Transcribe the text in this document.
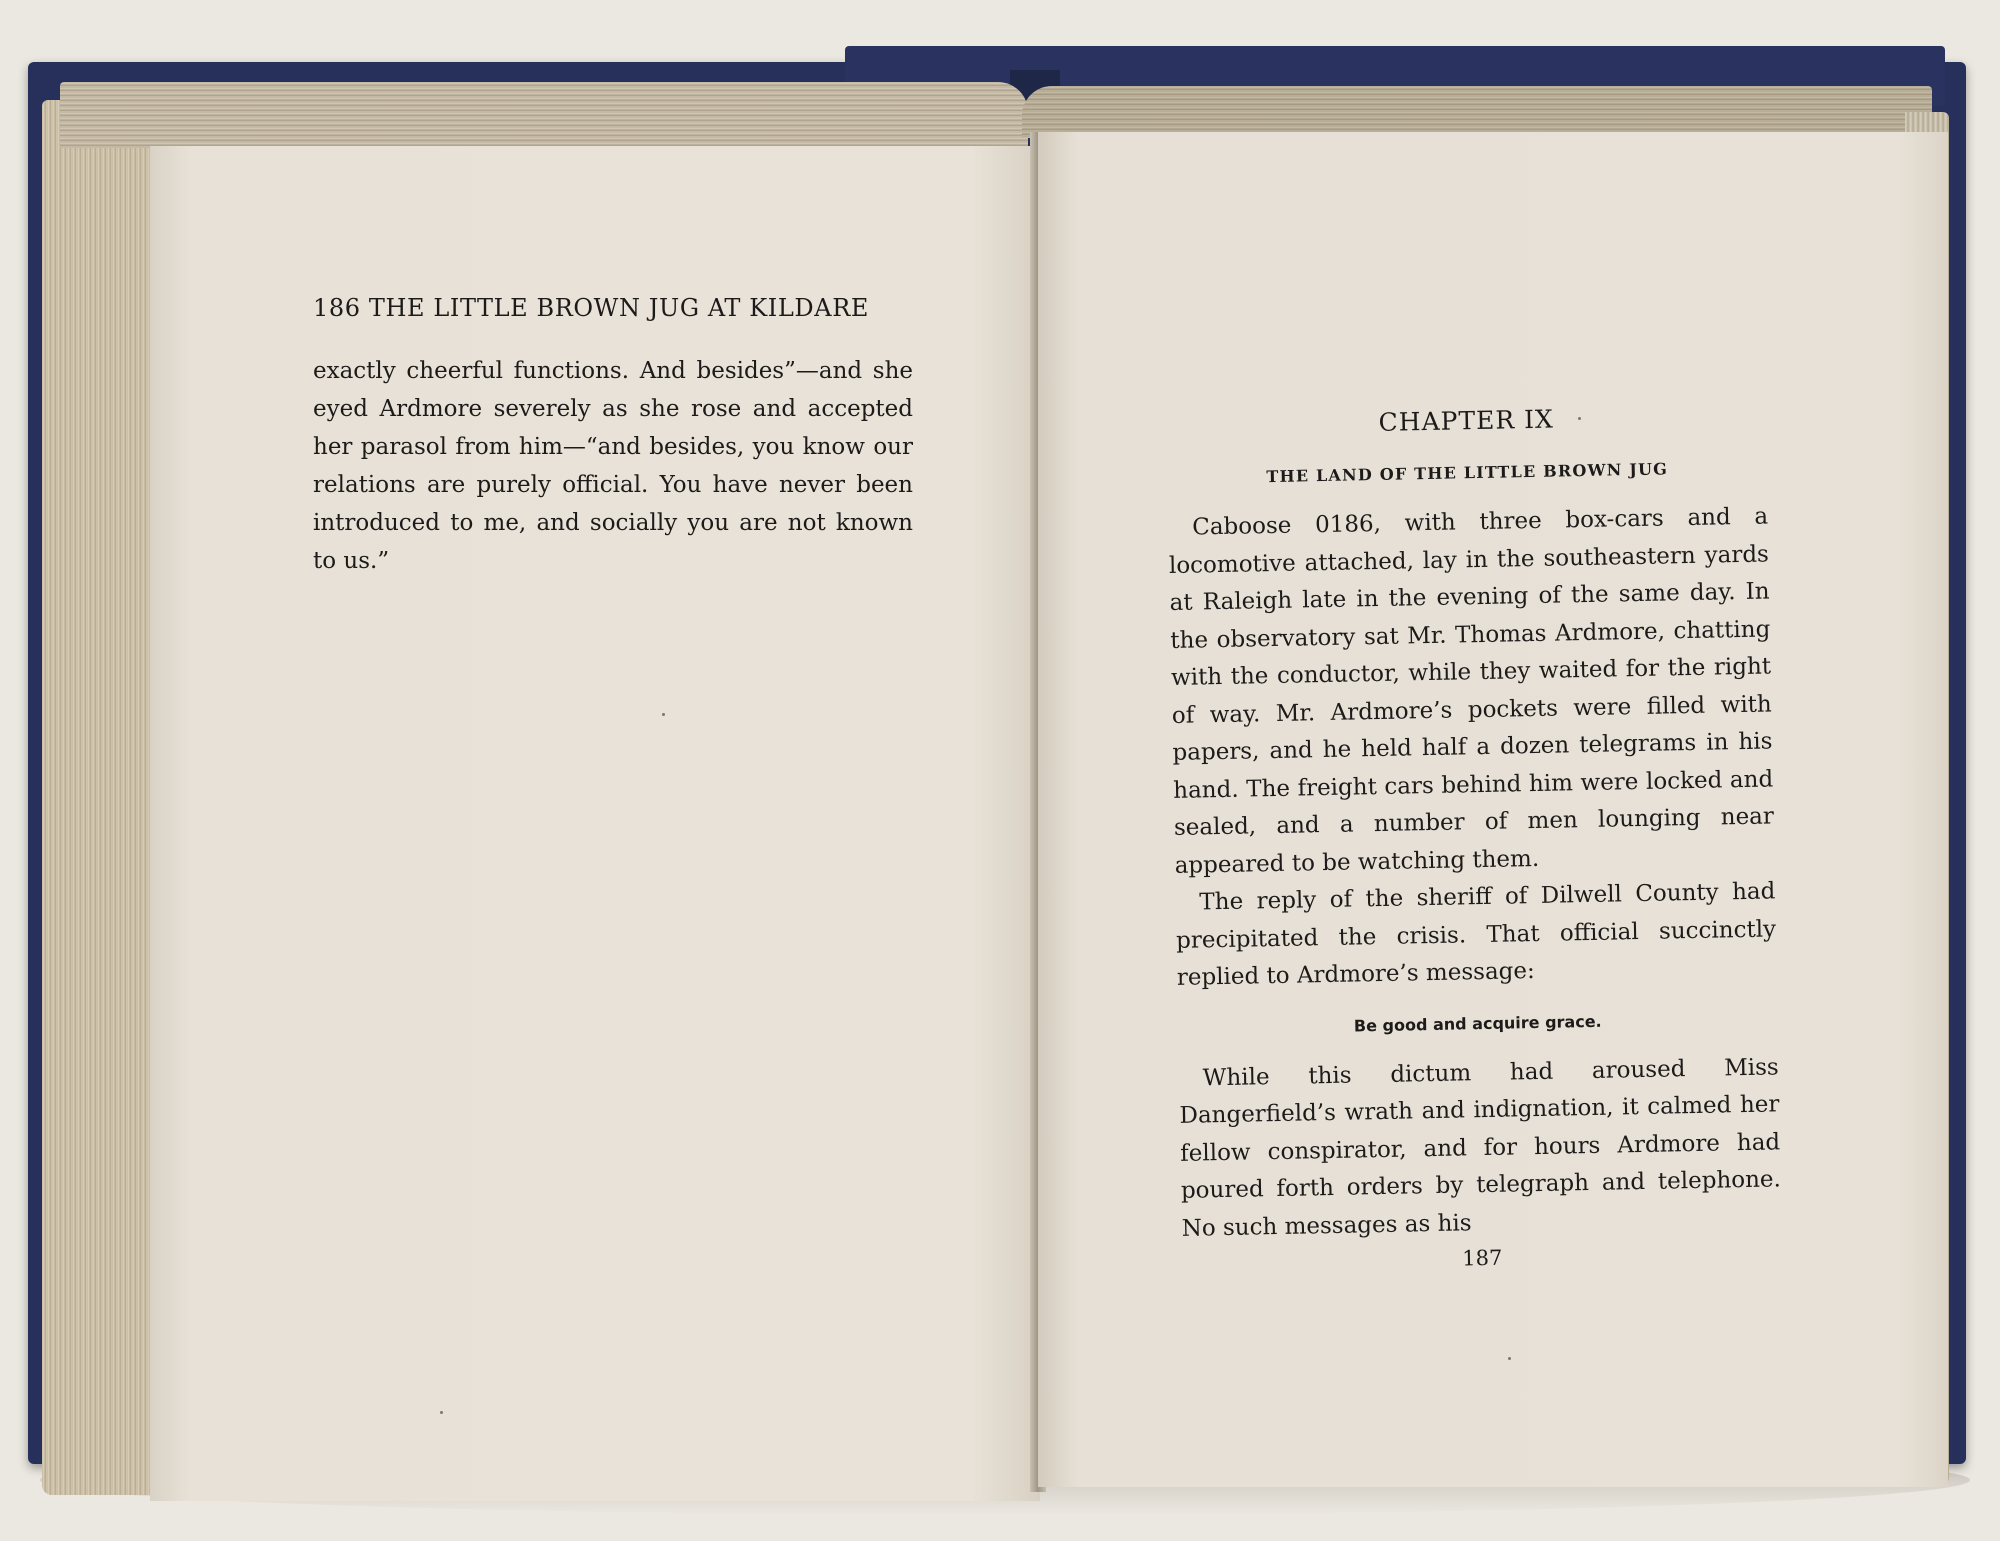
186 THE LITTLE BROWN JUG AT KILDARE
exactly cheerful functions. And besides”—and she eyed Ardmore severely as she rose and accepted her parasol from him—“and besides, you know our relations are purely official. You have never been introduced to me, and socially you are not known to us.”
CHAPTER IX
THE LAND OF THE LITTLE BROWN JUG

Caboose 0186, with three box-cars and a locomotive attached, lay in the southeastern yards at Raleigh late in the evening of the same day. In the observatory sat Mr. Thomas Ardmore, chatting with the conductor, while they waited for the right of way. Mr. Ardmore’s pockets were filled with papers, and he held half a dozen telegrams in his hand. The freight cars behind him were locked and sealed, and a number of men lounging near appeared to be watching them.

The reply of the sheriff of Dilwell County had precipitated the crisis. That official succinctly replied to Ardmore’s message:

Be good and acquire grace.

While this dictum had aroused Miss Dangerfield’s wrath and indignation, it calmed her fellow conspirator, and for hours Ardmore had poured forth orders by telegraph and telephone. No such messages as his

187
